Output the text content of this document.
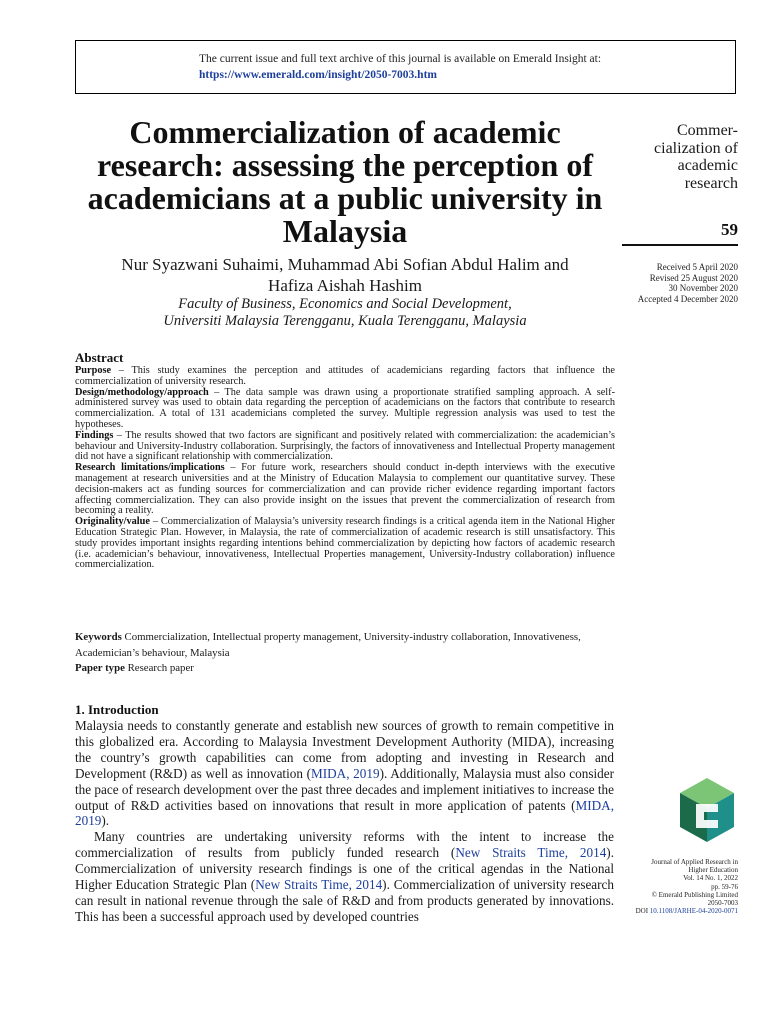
The current issue and full text archive of this journal is available on Emerald Insight at:
https://www.emerald.com/insight/2050-7003.htm
Commercialization of academic research: assessing the perception of academicians at a public university in Malaysia
Nur Syazwani Suhaimi, Muhammad Abi Sofian Abdul Halim and
Hafiza Aishah Hashim
Faculty of Business, Economics and Social Development,
Universiti Malaysia Terengganu, Kuala Terengganu, Malaysia
Commer-
cialization of
academic
research
59
Received 5 April 2020
Revised 25 August 2020
30 November 2020
Accepted 4 December 2020
Abstract

Purpose – This study examines the perception and attitudes of academicians regarding factors that influence the commercialization of university research.

Design/methodology/approach – The data sample was drawn using a proportionate stratified sampling approach. A self-administered survey was used to obtain data regarding the perception of academicians on the factors that contribute to research commercialization. A total of 131 academicians completed the survey. Multiple regression analysis was used to test the hypotheses.

Findings – The results showed that two factors are significant and positively related with commercialization: the academician’s behaviour and University-Industry collaboration. Surprisingly, the factors of innovativeness and Intellectual Property management did not have a significant relationship with commercialization.

Research limitations/implications – For future work, researchers should conduct in-depth interviews with the executive management at research universities and at the Ministry of Education Malaysia to complement our quantitative survey. These decision-makers act as funding sources for commercialization and can provide richer evidence regarding important factors affecting commercialization. They can also provide insight on the issues that prevent the commercialization of research from becoming a reality.

Originality/value – Commercialization of Malaysia’s university research findings is a critical agenda item in the National Higher Education Strategic Plan. However, in Malaysia, the rate of commercialization of academic research is still unsatisfactory. This study provides important insights regarding intentions behind commercialization by depicting how factors of academic research (i.e. academician’s behaviour, innovativeness, Intellectual Properties management, University-Industry collaboration) influence commercialization.

Keywords Commercialization, Intellectual property management, University-industry collaboration, Innovativeness, Academician’s behaviour, Malaysia
Paper type Research paper
1. Introduction

Malaysia needs to constantly generate and establish new sources of growth to remain competitive in this globalized era. According to Malaysia Investment Development Authority (MIDA), increasing the country’s growth capabilities can come from adopting and investing in Research and Development (R&D) as well as innovation (MIDA, 2019). Additionally, Malaysia must also consider the pace of research development over the past three decades and implement initiatives to increase the output of R&D activities based on innovations that result in more application of patents (MIDA, 2019).

Many countries are undertaking university reforms with the intent to increase the commercialization of results from publicly funded research (New Straits Time, 2014). Commercialization of university research findings is one of the critical agendas in the National Higher Education Strategic Plan (New Straits Time, 2014). Commercialization of university research can result in national revenue through the sale of R&D and from products generated by innovations. This has been a successful approach used by developed countries

Journal of Applied Research in
Higher Education
Vol. 14 No. 1, 2022
pp. 59-76
© Emerald Publishing Limited
2050-7003
DOI 10.1108/JARHE-04-2020-0071
